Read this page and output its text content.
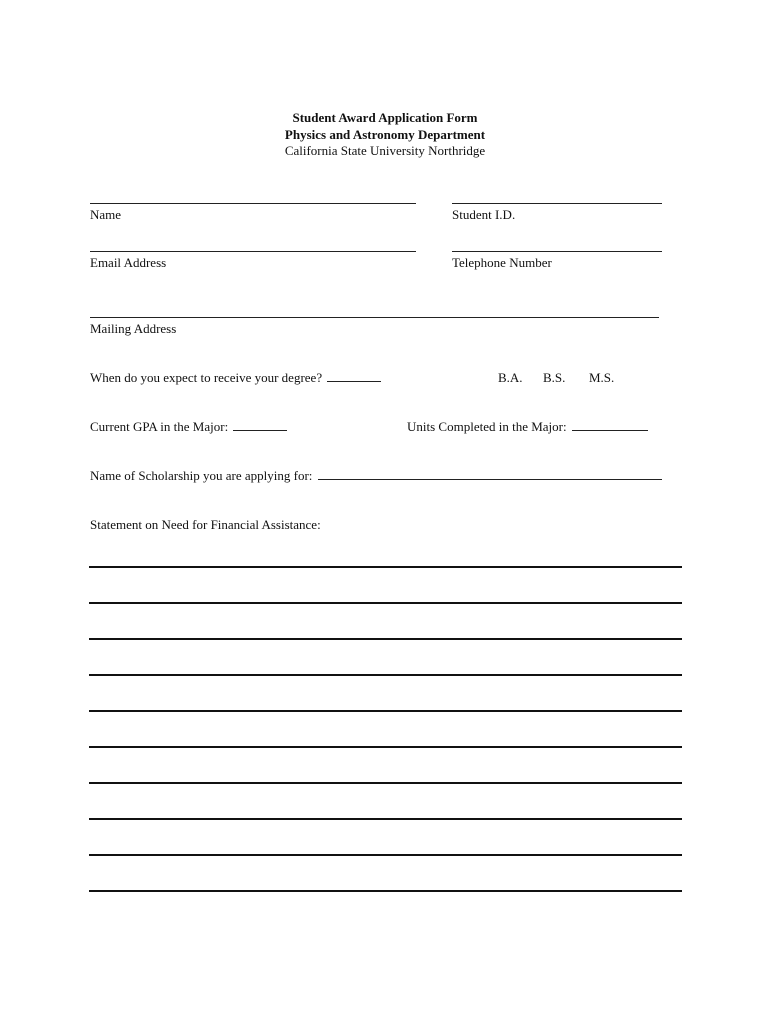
Student Award Application Form
Physics and Astronomy Department
California State University Northridge
Name	Student I.D.
Email Address	Telephone Number
Mailing Address
When do you expect to receive your degree?	B.A. B.S. M.S.
Current GPA in the Major:	Units Completed in the Major:
Name of Scholarship you are applying for:
Statement on Need for Financial Assistance:
